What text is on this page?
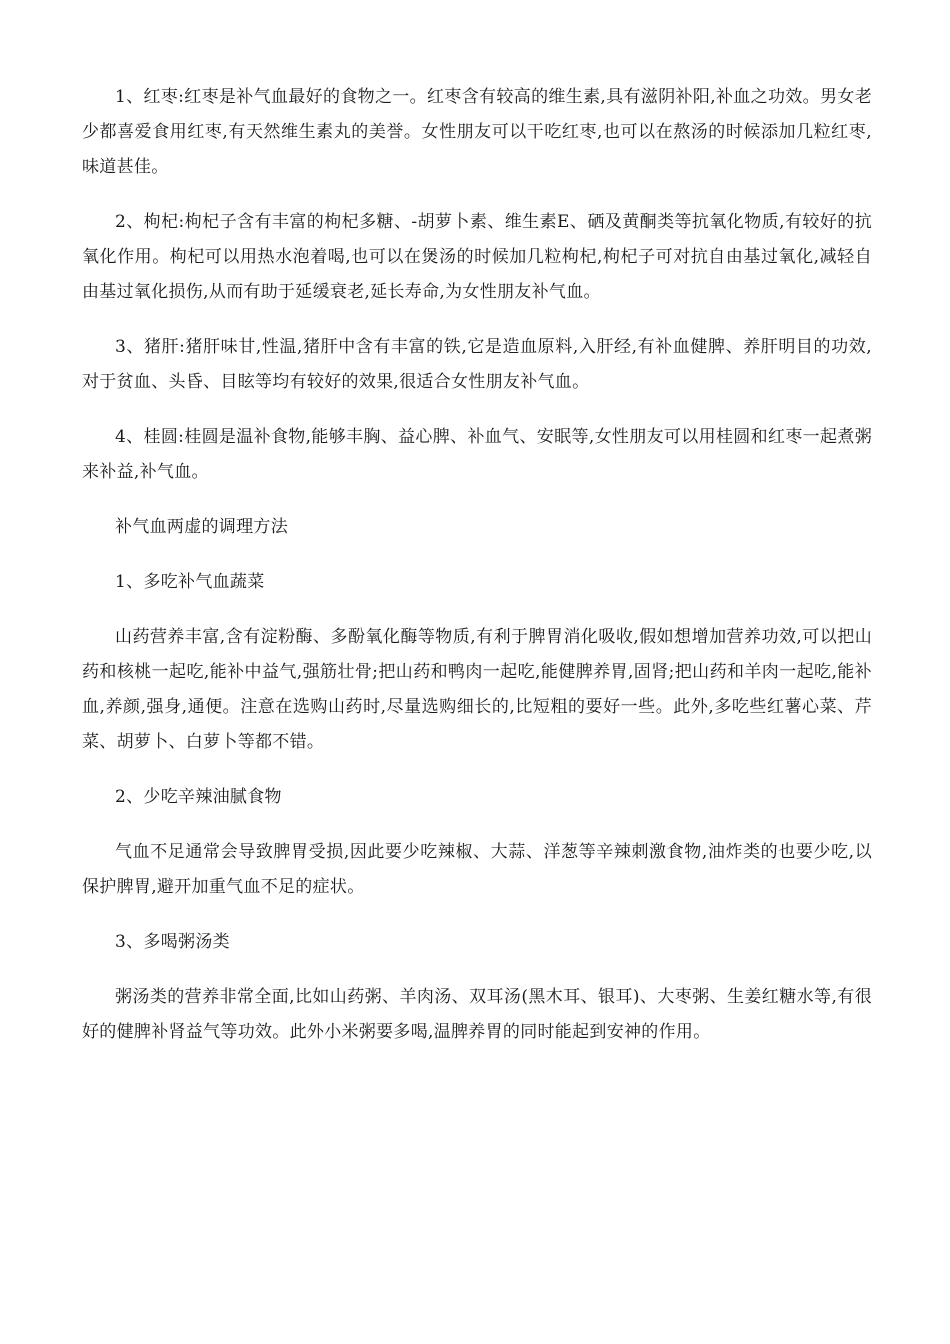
1、红枣:红枣是补气血最好的食物之一。红枣含有较高的维生素,具有滋阴补阳,补血之功效。男女老少都喜爱食用红枣,有天然维生素丸的美誉。女性朋友可以干吃红枣,也可以在熬汤的时候添加几粒红枣,味道甚佳。

2、枸杞:枸杞子含有丰富的枸杞多糖、-胡萝卜素、维生素E、硒及黄酮类等抗氧化物质,有较好的抗氧化作用。枸杞可以用热水泡着喝,也可以在煲汤的时候加几粒枸杞,枸杞子可对抗自由基过氧化,减轻自由基过氧化损伤,从而有助于延缓衰老,延长寿命,为女性朋友补气血。

3、猪肝:猪肝味甘,性温,猪肝中含有丰富的铁,它是造血原料,入肝经,有补血健脾、养肝明目的功效,对于贫血、头昏、目眩等均有较好的效果,很适合女性朋友补气血。

4、桂圆:桂圆是温补食物,能够丰胸、益心脾、补血气、安眠等,女性朋友可以用桂圆和红枣一起煮粥来补益,补气血。

补气血两虚的调理方法

1、多吃补气血蔬菜

山药营养丰富,含有淀粉酶、多酚氧化酶等物质,有利于脾胃消化吸收,假如想增加营养功效,可以把山药和核桃一起吃,能补中益气,强筋壮骨;把山药和鸭肉一起吃,能健脾养胃,固肾;把山药和羊肉一起吃,能补血,养颜,强身,通便。注意在选购山药时,尽量选购细长的,比短粗的要好一些。此外,多吃些红薯心菜、芹菜、胡萝卜、白萝卜等都不错。

2、少吃辛辣油腻食物

气血不足通常会导致脾胃受损,因此要少吃辣椒、大蒜、洋葱等辛辣刺激食物,油炸类的也要少吃,以保护脾胃,避开加重气血不足的症状。

3、多喝粥汤类

粥汤类的营养非常全面,比如山药粥、羊肉汤、双耳汤(黑木耳、银耳)、大枣粥、生姜红糖水等,有很好的健脾补肾益气等功效。此外小米粥要多喝,温脾养胃的同时能起到安神的作用。
